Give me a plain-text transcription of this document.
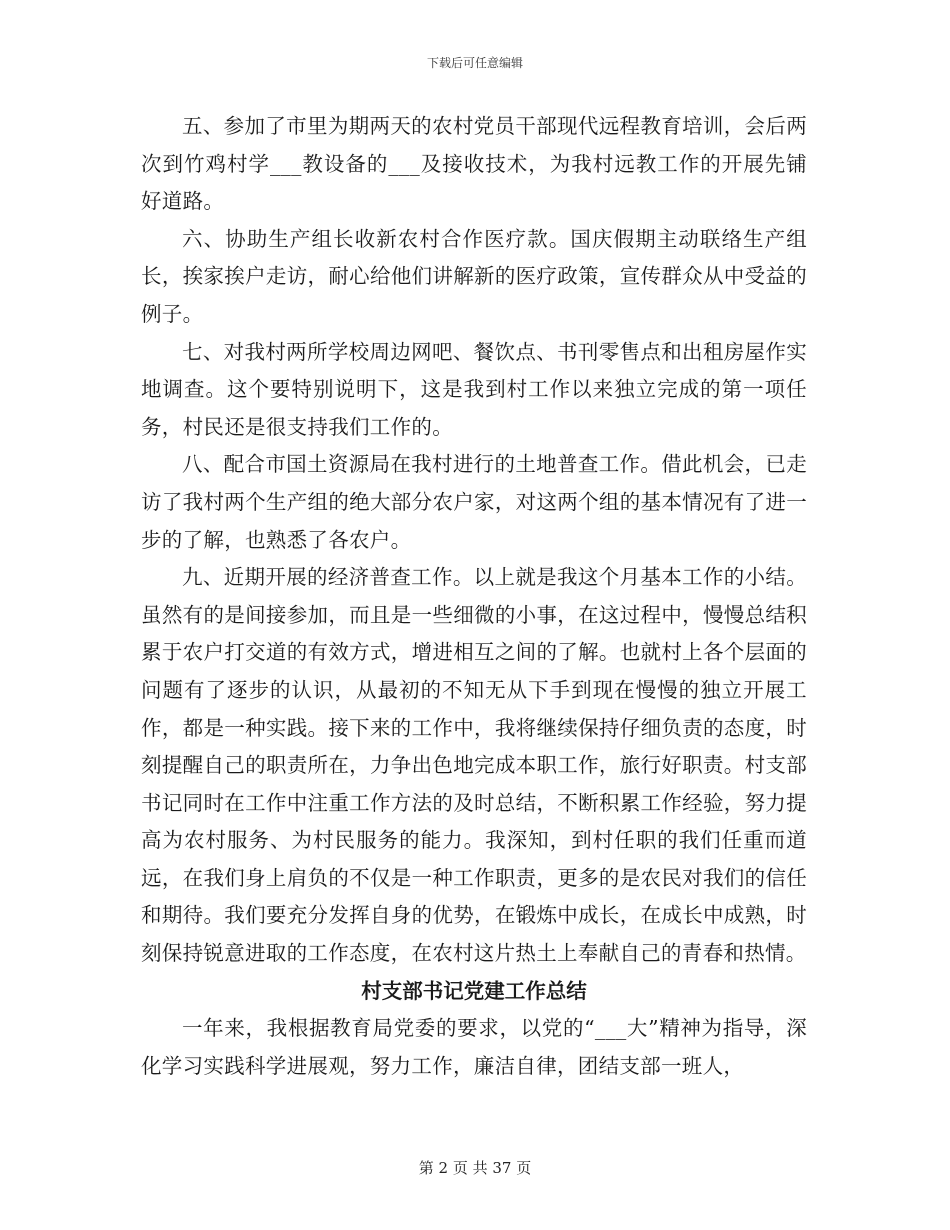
下载后可任意编辑

五、参加了市里为期两天的农村党员干部现代远程教育培训，会后两次到竹鸡村学___教设备的___及接收技术，为我村远教工作的开展先铺好道路。

六、协助生产组长收新农村合作医疗款。国庆假期主动联络生产组长，挨家挨户走访，耐心给他们讲解新的医疗政策，宣传群众从中受益的例子。

七、对我村两所学校周边网吧、餐饮点、书刊零售点和出租房屋作实地调查。这个要特别说明下，这是我到村工作以来独立完成的第一项任务，村民还是很支持我们工作的。

八、配合市国土资源局在我村进行的土地普查工作。借此机会，已走访了我村两个生产组的绝大部分农户家，对这两个组的基本情况有了进一步的了解，也熟悉了各农户。

九、近期开展的经济普查工作。以上就是我这个月基本工作的小结。虽然有的是间接参加，而且是一些细微的小事，在这过程中，慢慢总结积累于农户打交道的有效方式，增进相互之间的了解。也就村上各个层面的问题有了逐步的认识，从最初的不知无从下手到现在慢慢的独立开展工作，都是一种实践。接下来的工作中，我将继续保持仔细负责的态度，时刻提醒自己的职责所在，力争出色地完成本职工作，旅行好职责。村支部书记同时在工作中注重工作方法的及时总结，不断积累工作经验，努力提高为农村服务、为村民服务的能力。我深知，到村任职的我们任重而道远，在我们身上肩负的不仅是一种工作职责，更多的是农民对我们的信任和期待。我们要充分发挥自身的优势，在锻炼中成长，在成长中成熟，时刻保持锐意进取的工作态度，在农村这片热土上奉献自己的青春和热情。

村支部书记党建工作总结

一年来，我根据教育局党委的要求，以党的“___大”精神为指导，深化学习实践科学进展观，努力工作，廉洁自律，团结支部一班人，

第 2 页 共 37 页
